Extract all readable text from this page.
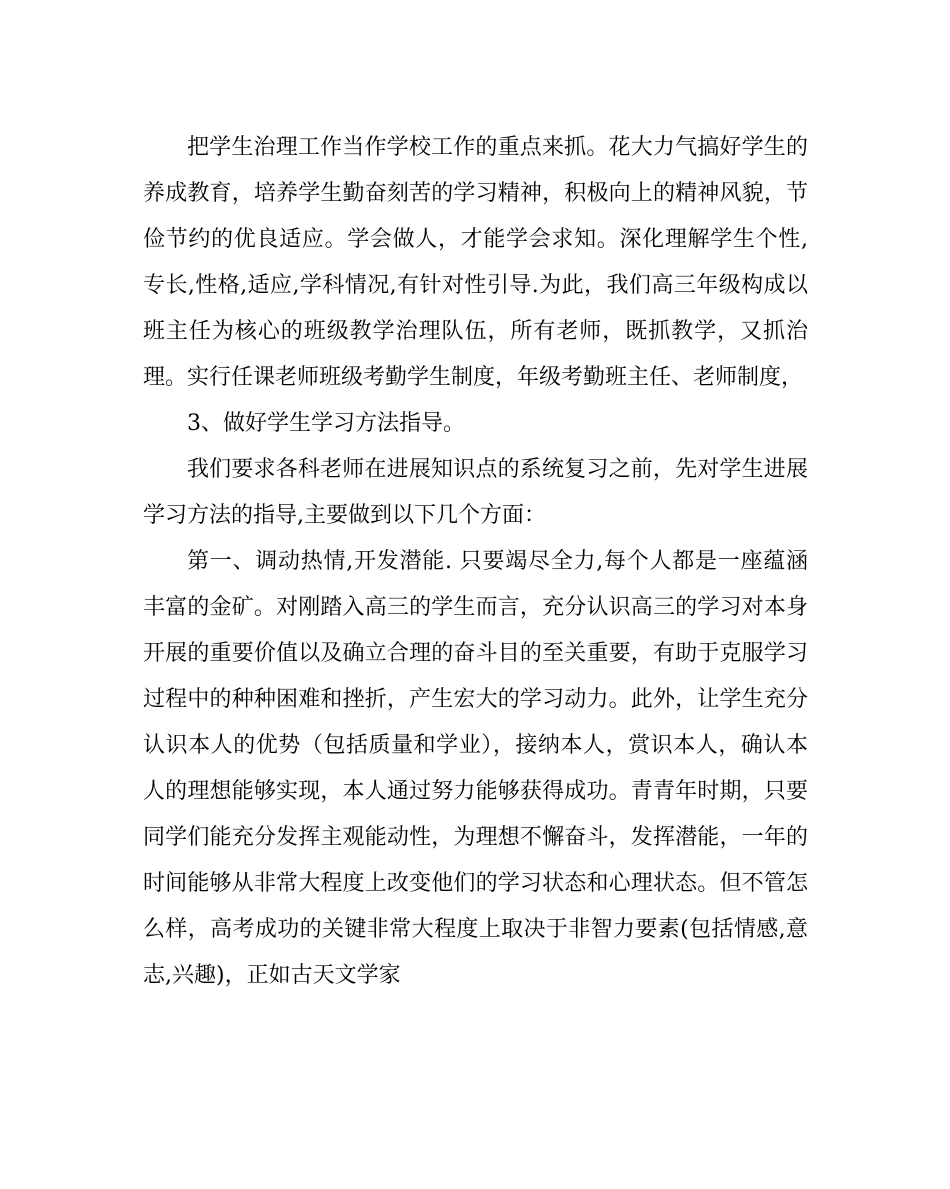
把学生治理工作当作学校工作的重点来抓。花大力气搞好学生的养成教育，培养学生勤奋刻苦的学习精神，积极向上的精神风貌，节俭节约的优良适应。学会做人，才能学会求知。深化理解学生个性,专长,性格,适应,学科情况,有针对性引导.为此，我们高三年级构成以班主任为核心的班级教学治理队伍，所有老师，既抓教学，又抓治理。实行任课老师班级考勤学生制度，年级考勤班主任、老师制度，

3、做好学生学习方法指导。

我们要求各科老师在进展知识点的系统复习之前，先对学生进展学习方法的指导,主要做到以下几个方面：

第一、调动热情,开发潜能. 只要竭尽全力,每个人都是一座蕴涵丰富的金矿。对刚踏入高三的学生而言，充分认识高三的学习对本身开展的重要价值以及确立合理的奋斗目的至关重要，有助于克服学习过程中的种种困难和挫折，产生宏大的学习动力。此外，让学生充分认识本人的优势（包括质量和学业），接纳本人，赏识本人，确认本人的理想能够实现，本人通过努力能够获得成功。青青年时期，只要同学们能充分发挥主观能动性，为理想不懈奋斗，发挥潜能，一年的时间能够从非常大程度上改变他们的学习状态和心理状态。但不管怎么样，高考成功的关键非常大程度上取决于非智力要素(包括情感,意志,兴趣)，正如古天文学家
